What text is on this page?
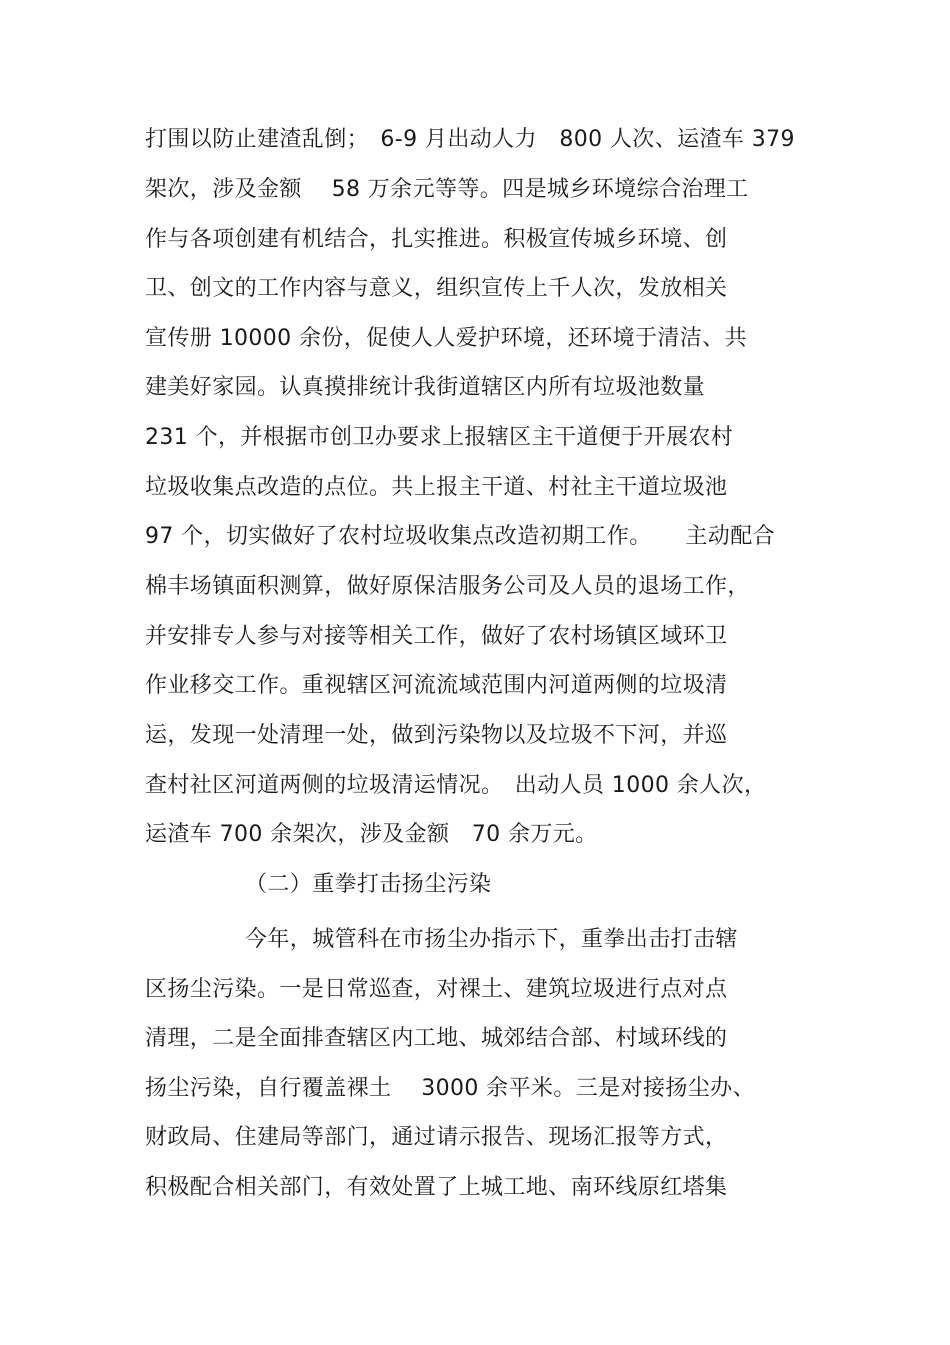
打围以防止建渣乱倒；　6-9 月出动人力　800 人次、运渣车 379
架次，涉及金额　 58 万余元等等。四是城乡环境综合治理工
作与各项创建有机结合，扎实推进。积极宣传城乡环境、创
卫、创文的工作内容与意义，组织宣传上千人次，发放相关
宣传册 10000 余份，促使人人爱护环境，还环境于清洁、共
建美好家园。认真摸排统计我街道辖区内所有垃圾池数量
231 个，并根据市创卫办要求上报辖区主干道便于开展农村
垃圾收集点改造的点位。共上报主干道、村社主干道垃圾池
97 个，切实做好了农村垃圾收集点改造初期工作。　　主动配合
棉丰场镇面积测算，做好原保洁服务公司及人员的退场工作，
并安排专人参与对接等相关工作，做好了农村场镇区域环卫
作业移交工作。重视辖区河流流域范围内河道两侧的垃圾清
运，发现一处清理一处，做到污染物以及垃圾不下河，并巡
查村社区河道两侧的垃圾清运情况。　出动人员 1000 余人次，
运渣车 700 余架次，涉及金额　70 余万元。
（二）重拳打击扬尘污染
今年，城管科在市扬尘办指示下，重拳出击打击辖
区扬尘污染。一是日常巡查，对裸土、建筑垃圾进行点对点
清理，二是全面排查辖区内工地、城郊结合部、村域环线的
扬尘污染，自行覆盖裸土　 3000 余平米。三是对接扬尘办、
财政局、住建局等部门，通过请示报告、现场汇报等方式，
积极配合相关部门，有效处置了上城工地、南环线原红塔集
